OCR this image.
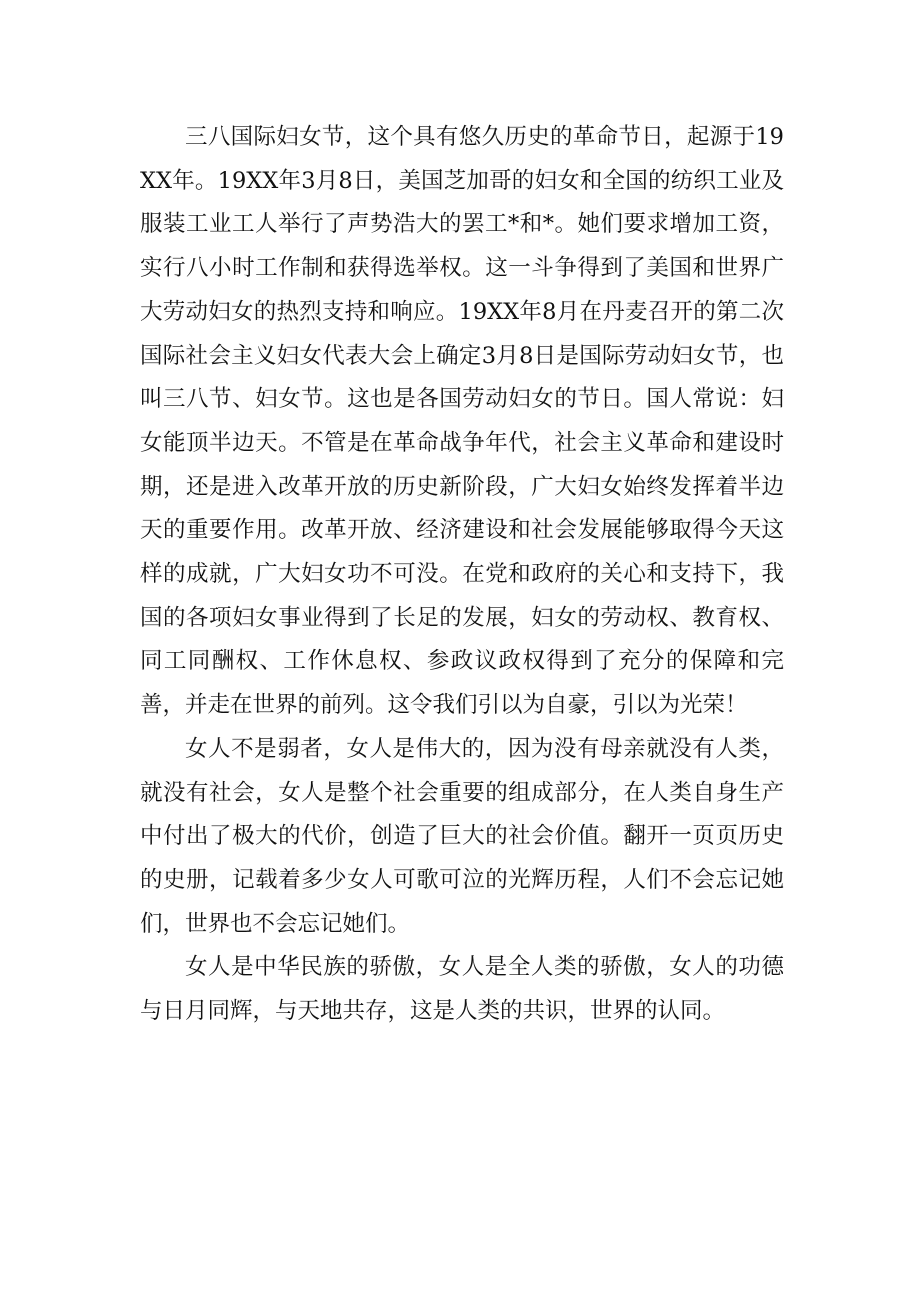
三八国际妇女节，这个具有悠久历史的革命节日，起源于19XX年。19XX年3月8日，美国芝加哥的妇女和全国的纺织工业及服装工业工人举行了声势浩大的罢工*和*。她们要求增加工资，实行八小时工作制和获得选举权。这一斗争得到了美国和世界广大劳动妇女的热烈支持和响应。19XX年8月在丹麦召开的第二次国际社会主义妇女代表大会上确定3月8日是国际劳动妇女节，也叫三八节、妇女节。这也是各国劳动妇女的节日。国人常说：妇女能顶半边天。不管是在革命战争年代，社会主义革命和建设时期，还是进入改革开放的历史新阶段，广大妇女始终发挥着半边天的重要作用。改革开放、经济建设和社会发展能够取得今天这样的成就，广大妇女功不可没。在党和政府的关心和支持下，我国的各项妇女事业得到了长足的发展，妇女的劳动权、教育权、同工同酬权、工作休息权、参政议政权得到了充分的保障和完善，并走在世界的前列。这令我们引以为自豪，引以为光荣！

女人不是弱者，女人是伟大的，因为没有母亲就没有人类，就没有社会，女人是整个社会重要的组成部分，在人类自身生产中付出了极大的代价，创造了巨大的社会价值。翻开一页页历史的史册，记载着多少女人可歌可泣的光辉历程，人们不会忘记她们，世界也不会忘记她们。

女人是中华民族的骄傲，女人是全人类的骄傲，女人的功德与日月同辉，与天地共存，这是人类的共识，世界的认同。
